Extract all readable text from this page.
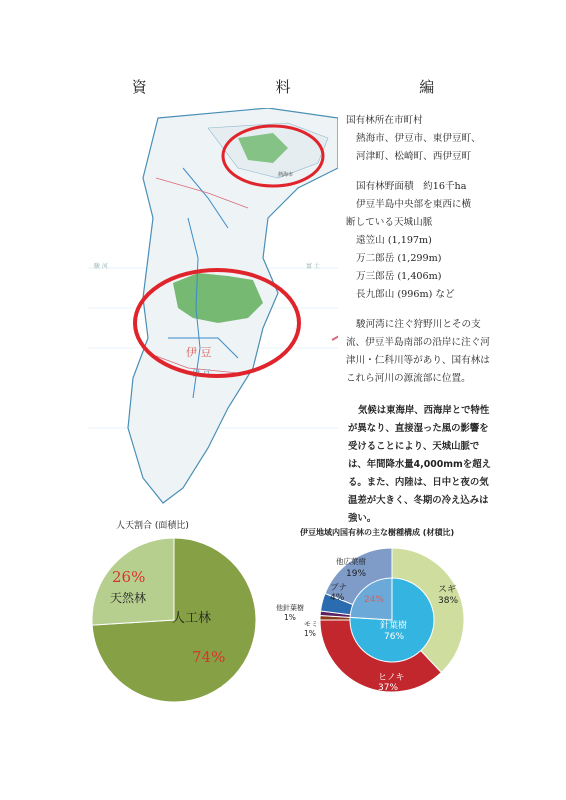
資 料 編
伊 豆
伊 豆
駿 河	富 士
熱海市

国有林所在市町村

熱海市、伊豆市、東伊豆町、

河津町、松崎町、西伊豆町

国有林野面積　約16千ha

伊豆半島中央部を東西に横

断している天城山脈

遠笠山 (1,197m)

万二郎岳 (1,299m)

万三郎岳 (1,406m)

長九郎山 (996m) など

駿河湾に注ぐ狩野川とその支流、伊豆半島南部の沿岸に注ぐ河津川・仁科川等があり、国有林はこれら河川の源流部に位置。

気候は東海岸、西海岸とで特性が異なり、直接湿った風の影響を受けることにより、天城山脈では、年間降水量4,000mmを超える。また、内陸は、日中と夜の気温差が大きく、冬期の冷え込みは強い。
人天割合 (面積比)
26%
天然林
人工林
74%
伊豆地域内国有林の主な樹種構成 (材積比)
スギ
38%
ヒノキ
37%
他広葉樹
19%
ブナ
4%
他針葉樹
1%
モミ
1%
針葉樹
76%
24%
